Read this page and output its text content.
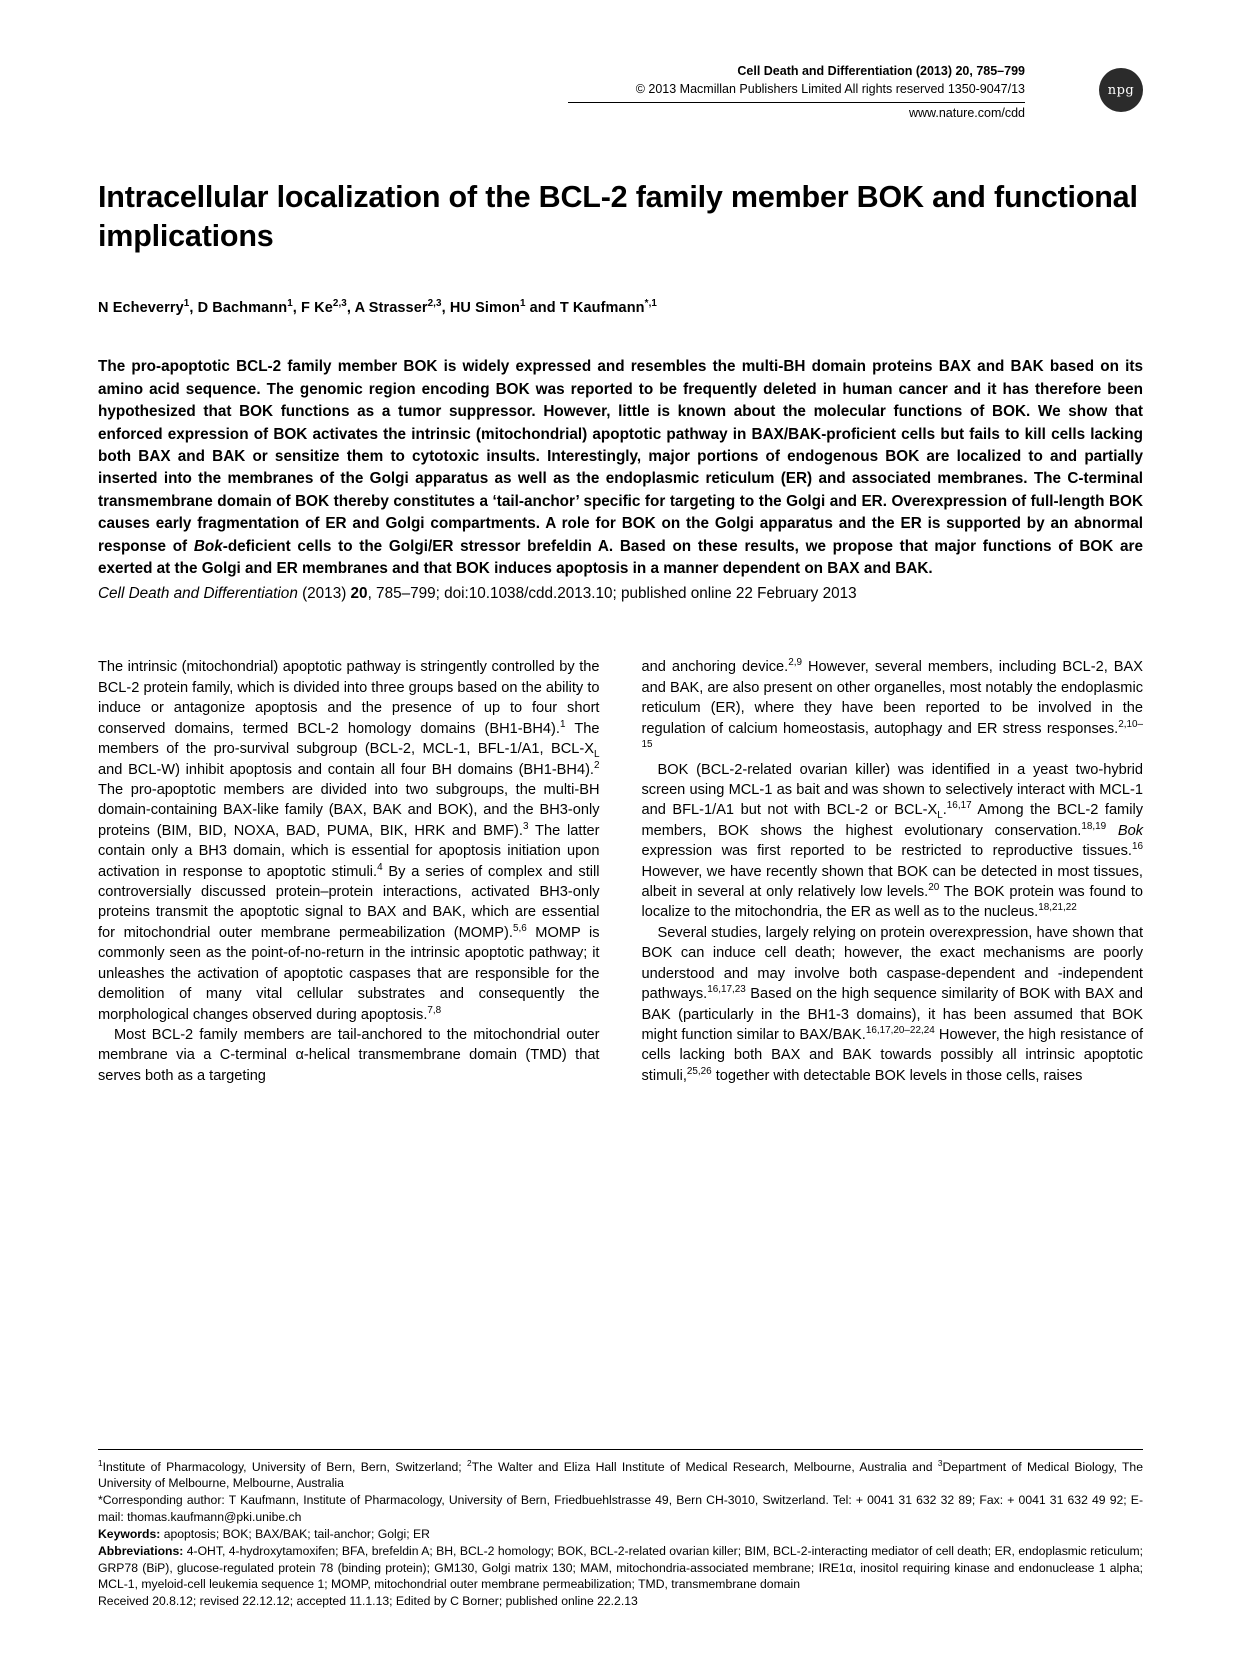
Cell Death and Differentiation (2013) 20, 785–799
© 2013 Macmillan Publishers Limited All rights reserved 1350-9047/13
www.nature.com/cdd
npg
Intracellular localization of the BCL-2 family member BOK and functional implications
N Echeverry$^1$, D Bachmann$^1$, F Ke$^{2,3}$, A Strasser$^{2,3}$, HU Simon$^1$ and T Kaufmann$^{*,1}$
The pro-apoptotic BCL-2 family member BOK is widely expressed and resembles the multi-BH domain proteins BAX and BAK based on its amino acid sequence. The genomic region encoding BOK was reported to be frequently deleted in human cancer and it has therefore been hypothesized that BOK functions as a tumor suppressor. However, little is known about the molecular functions of BOK. We show that enforced expression of BOK activates the intrinsic (mitochondrial) apoptotic pathway in BAX/BAK-proficient cells but fails to kill cells lacking both BAX and BAK or sensitize them to cytotoxic insults. Interestingly, major portions of endogenous BOK are localized to and partially inserted into the membranes of the Golgi apparatus as well as the endoplasmic reticulum (ER) and associated membranes. The C-terminal transmembrane domain of BOK thereby constitutes a ‘tail-anchor’ specific for targeting to the Golgi and ER. Overexpression of full-length BOK causes early fragmentation of ER and Golgi compartments. A role for BOK on the Golgi apparatus and the ER is supported by an abnormal response of Bok-deficient cells to the Golgi/ER stressor brefeldin A. Based on these results, we propose that major functions of BOK are exerted at the Golgi and ER membranes and that BOK induces apoptosis in a manner dependent on BAX and BAK.
Cell Death and Differentiation (2013) 20, 785–799; doi:10.1038/cdd.2013.10; published online 22 February 2013

The intrinsic (mitochondrial) apoptotic pathway is stringently controlled by the BCL-2 protein family, which is divided into three groups based on the ability to induce or antagonize apoptosis and the presence of up to four short conserved domains, termed BCL-2 homology domains (BH1-BH4).$^1$ The members of the pro-survival subgroup (BCL-2, MCL-1, BFL-1/A1, BCL-$X_L$ and BCL-W) inhibit apoptosis and contain all four BH domains (BH1-BH4).$^2$ The pro-apoptotic members are divided into two subgroups, the multi-BH domain-containing BAX-like family (BAX, BAK and BOK), and the BH3-only proteins (BIM, BID, NOXA, BAD, PUMA, BIK, HRK and BMF).$^3$ The latter contain only a BH3 domain, which is essential for apoptosis initiation upon activation in response to apoptotic stimuli.$^4$ By a series of complex and still controversially discussed protein–protein interactions, activated BH3-only proteins transmit the apoptotic signal to BAX and BAK, which are essential for mitochondrial outer membrane permeabilization (MOMP).$^{5,6}$ MOMP is commonly seen as the point-of-no-return in the intrinsic apoptotic pathway; it unleashes the activation of apoptotic caspases that are responsible for the demolition of many vital cellular substrates and consequently the morphological changes observed during apoptosis.$^{7,8}$

Most BCL-2 family members are tail-anchored to the mitochondrial outer membrane via a C-terminal α-helical transmembrane domain (TMD) that serves both as a targeting

and anchoring device.$^{2,9}$ However, several members, including BCL-2, BAX and BAK, are also present on other organelles, most notably the endoplasmic reticulum (ER), where they have been reported to be involved in the regulation of calcium homeostasis, autophagy and ER stress responses.$^{2,10-15}$

BOK (BCL-2-related ovarian killer) was identified in a yeast two-hybrid screen using MCL-1 as bait and was shown to selectively interact with MCL-1 and BFL-1/A1 but not with BCL-2 or BCL-$X_L.^{16,17}$ Among the BCL-2 family members, BOK shows the highest evolutionary conservation.$^{18,19}$ Bok expression was first reported to be restricted to reproductive tissues.$^{16}$ However, we have recently shown that BOK can be detected in most tissues, albeit in several at only relatively low levels.$^{20}$ The BOK protein was found to localize to the mitochondria, the ER as well as to the nucleus.$^{18,21,22}$

Several studies, largely relying on protein overexpression, have shown that BOK can induce cell death; however, the exact mechanisms are poorly understood and may involve both caspase-dependent and -independent pathways.$^{16,17,23}$ Based on the high sequence similarity of BOK with BAX and BAK (particularly in the BH1-3 domains), it has been assumed that BOK might function similar to BAX/BAK.$^{16,17,20-22,24}$ However, the high resistance of cells lacking both BAX and BAK towards possibly all intrinsic apoptotic stimuli,$^{25,26}$ together with detectable BOK levels in those cells, raises

$^1$Institute of Pharmacology, University of Bern, Bern, Switzerland; $^2$The Walter and Eliza Hall Institute of Medical Research, Melbourne, Australia and $^3$Department of Medical Biology, The University of Melbourne, Melbourne, Australia

*Corresponding author: T Kaufmann, Institute of Pharmacology, University of Bern, Friedbuehlstrasse 49, Bern CH-3010, Switzerland. Tel: + 0041 31 632 32 89; Fax: + 0041 31 632 49 92; E-mail: thomas.kaufmann@pki.unibe.ch

Keywords: apoptosis; BOK; BAX/BAK; tail-anchor; Golgi; ER

Abbreviations: 4-OHT, 4-hydroxytamoxifen; BFA, brefeldin A; BH, BCL-2 homology; BOK, BCL-2-related ovarian killer; BIM, BCL-2-interacting mediator of cell death; ER, endoplasmic reticulum; GRP78 (BiP), glucose-regulated protein 78 (binding protein); GM130, Golgi matrix 130; MAM, mitochondria-associated membrane; IRE1α, inositol requiring kinase and endonuclease 1 alpha; MCL-1, myeloid-cell leukemia sequence 1; MOMP, mitochondrial outer membrane permeabilization; TMD, transmembrane domain

Received 20.8.12; revised 22.12.12; accepted 11.1.13; Edited by C Borner; published online 22.2.13
